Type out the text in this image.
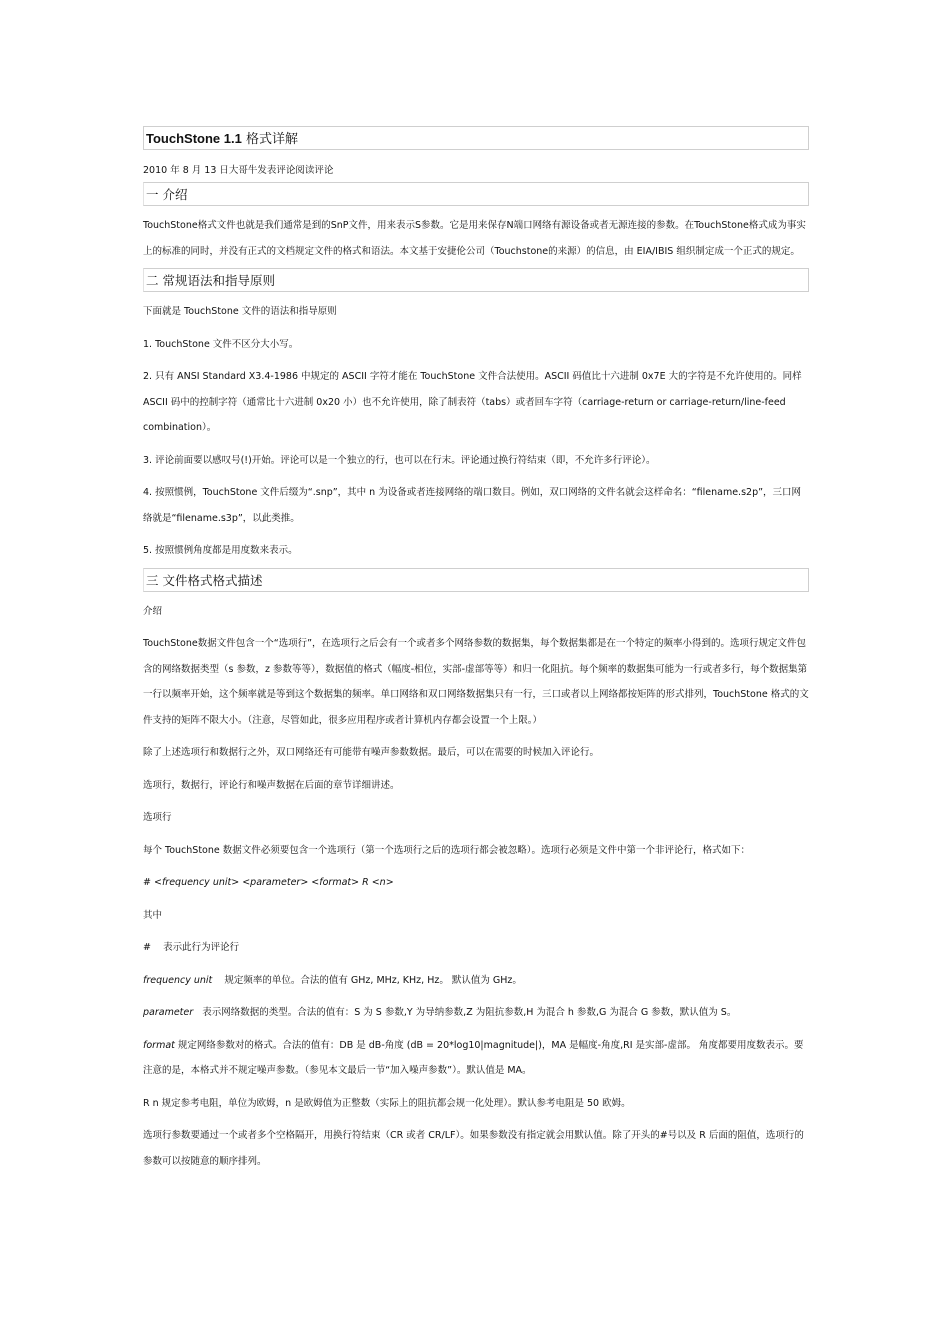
TouchStone 1.1 格式详解
2010 年 8 月 13 日大哥牛发表评论阅读评论
一 介绍

TouchStone格式文件也就是我们通常是到的SnP文件，用来表示S参数。它是用来保存N端口网络有源设备或者无源连接的参数。在TouchStone格式成为事实上的标准的同时，并没有正式的文档规定文件的格式和语法。本文基于安捷伦公司（Touchstone的来源）的信息，由 EIA/IBIS 组织制定成一个正式的规定。

二 常规语法和指导原则

下面就是 TouchStone 文件的语法和指导原则

1. TouchStone 文件不区分大小写。

2. 只有 ANSI Standard X3.4-1986 中规定的 ASCII 字符才能在 TouchStone 文件合法使用。ASCII 码值比十六进制 0x7E 大的字符是不允许使用的。同样 ASCII 码中的控制字符（通常比十六进制 0x20 小）也不允许使用，除了制表符（tabs）或者回车字符（carriage-return or carriage-return/line-feed combination）。

3. 评论前面要以感叹号(!)开始。评论可以是一个独立的行，也可以在行末。评论通过换行符结束（即，不允许多行评论）。

4. 按照惯例，TouchStone 文件后缀为“.snp”，其中 n 为设备或者连接网络的端口数目。例如，双口网络的文件名就会这样命名：“filename.s2p”，三口网络就是“filename.s3p”，以此类推。

5. 按照惯例角度都是用度数来表示。

三 文件格式格式描述

介绍

TouchStone数据文件包含一个“选项行”，在选项行之后会有一个或者多个网络参数的数据集，每个数据集都是在一个特定的频率小得到的。选项行规定文件包含的网络数据类型（s 参数，z 参数等等），数据值的格式（幅度-相位，实部-虚部等等）和归一化阻抗。每个频率的数据集可能为一行或者多行，每个数据集第一行以频率开始，这个频率就是等到这个数据集的频率。单口网络和双口网络数据集只有一行，三口或者以上网络都按矩阵的形式排列，TouchStone 格式的文件支持的矩阵不限大小。（注意，尽管如此，很多应用程序或者计算机内存都会设置一个上限。）

除了上述选项行和数据行之外，双口网络还有可能带有噪声参数数据。最后，可以在需要的时候加入评论行。

选项行，数据行，评论行和噪声数据在后面的章节详细讲述。

选项行

每个 TouchStone 数据文件必须要包含一个选项行（第一个选项行之后的选项行都会被忽略）。选项行必须是文件中第一个非评论行，格式如下：

# <frequency unit> <parameter> <format> R <n>

其中

# 表示此行为评论行

frequency unit 规定频率的单位。合法的值有 GHz, MHz, KHz, Hz。 默认值为 GHz。

parameter 表示网络数据的类型。合法的值有：S 为 S 参数,Y 为导纳参数,Z 为阻抗参数,H 为混合 h 参数,G 为混合 G 参数，默认值为 S。

format 规定网络参数对的格式。合法的值有：DB 是 dB-角度 (dB = 20*log10|magnitude|)，MA 是幅度-角度,RI 是实部-虚部。 角度都要用度数表示。要注意的是，本格式并不规定噪声参数。（参见本文最后一节“加入噪声参数”）。默认值是 MA。

R n 规定参考电阻，单位为欧姆，n 是欧姆值为正整数（实际上的阻抗都会规一化处理）。默认参考电阻是 50 欧姆。

选项行参数要通过一个或者多个空格隔开，用换行符结束（CR 或者 CR/LF）。如果参数没有指定就会用默认值。除了开头的#号以及 R 后面的阻值，选项行的参数可以按随意的顺序排列。
